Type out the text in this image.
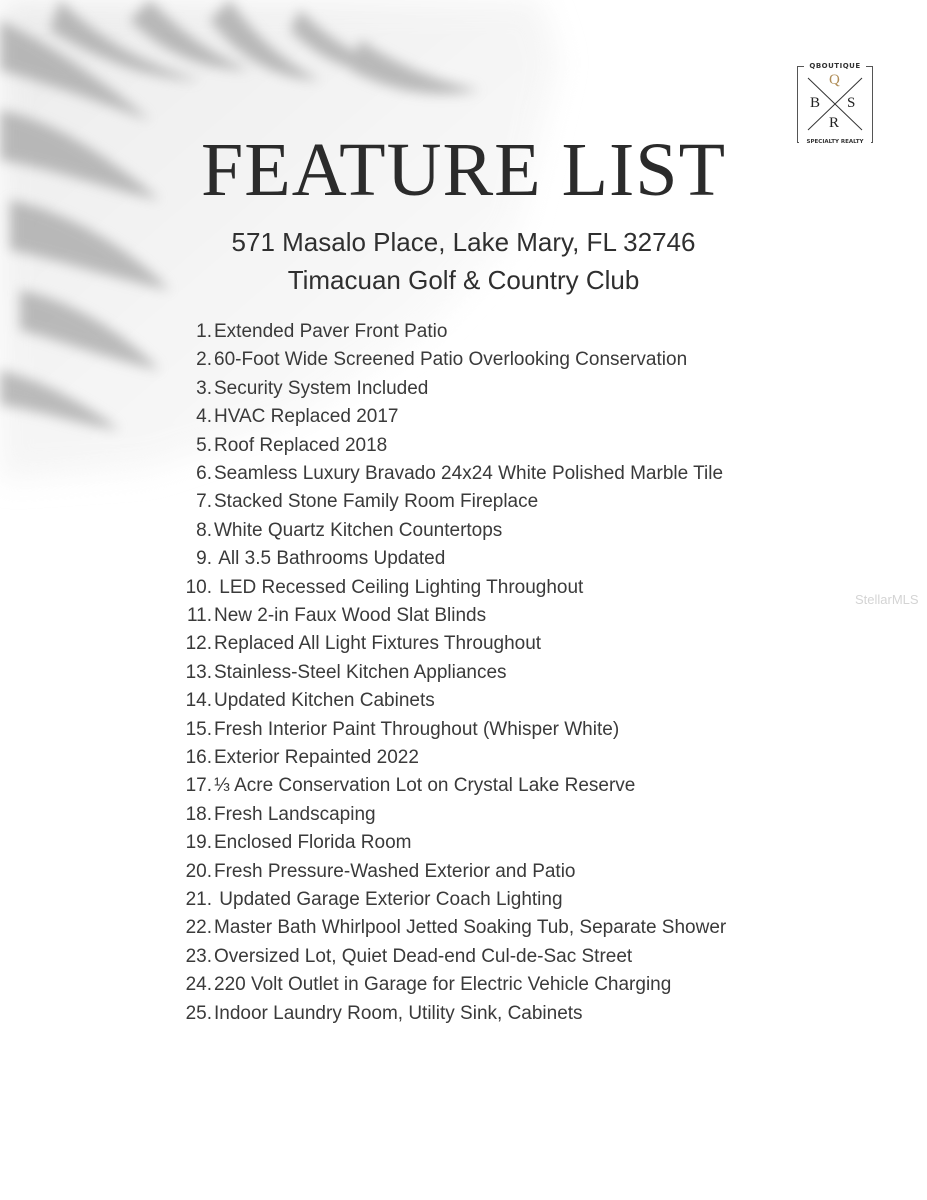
QBOUTIQUE
Q
B S
R
SPECIALTY REALTY
FEATURE LIST

571 Masalo Place, Lake Mary, FL 32746

Timacuan Golf & Country Club

1. Extended Paver Front Patio
2. 60-Foot Wide Screened Patio Overlooking Conservation
3. Security System Included
4. HVAC Replaced 2017
5. Roof Replaced 2018
6. Seamless Luxury Bravado 24x24 White Polished Marble Tile
7. Stacked Stone Family Room Fireplace
8. White Quartz Kitchen Countertops
9. All 3.5 Bathrooms Updated
10. LED Recessed Ceiling Lighting Throughout
11. New 2-in Faux Wood Slat Blinds
12. Replaced All Light Fixtures Throughout
13. Stainless-Steel Kitchen Appliances
14. Updated Kitchen Cabinets
15. Fresh Interior Paint Throughout (Whisper White)
16. Exterior Repainted 2022
17. ⅓ Acre Conservation Lot on Crystal Lake Reserve
18. Fresh Landscaping
19. Enclosed Florida Room
20. Fresh Pressure-Washed Exterior and Patio
21. Updated Garage Exterior Coach Lighting
22. Master Bath Whirlpool Jetted Soaking Tub, Separate Shower
23. Oversized Lot, Quiet Dead-end Cul-de-Sac Street
24. 220 Volt Outlet in Garage for Electric Vehicle Charging
25. Indoor Laundry Room, Utility Sink, Cabinets
StellarMLS
